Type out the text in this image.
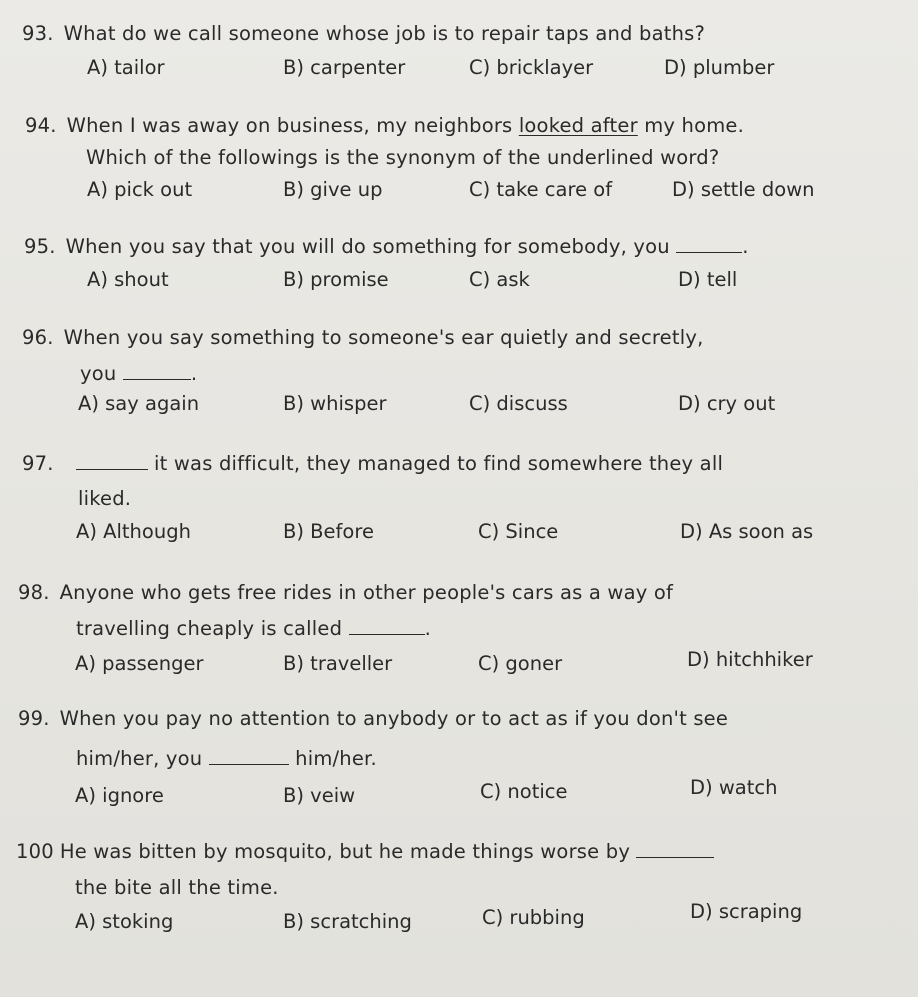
93. What do we call someone whose job is to repair taps and baths?
A) tailor	B) carpenter	C) bricklayer	D) plumber
94. When I was away on business, my neighbors looked after my home.
Which of the followings is the synonym of the underlined word?
A) pick out	B) give up	C) take care of	D) settle down
95. When you say that you will do something for somebody, you	.
A) shout	B) promise	C) ask	D) tell
96. When you say something to someone's ear quietly and secretly,
you	.
A) say again	B) whisper	C) discuss	D) cry out
97.	it was difficult, they managed to find somewhere they all
liked.
A) Although	B) Before	C) Since	D) As soon as
98. Anyone who gets free rides in other people's cars as a way of
travelling cheaply is called	.
A) passenger	B) traveller	C) goner	D) hitchhiker
99. When you pay no attention to anybody or to act as if you don't see
him/her, you	him/her.
A) ignore	B) veiw	C) notice	D) watch
100 He was bitten by mosquito, but he made things worse by
the bite all the time.
A) stoking	B) scratching	C) rubbing	D) scraping
